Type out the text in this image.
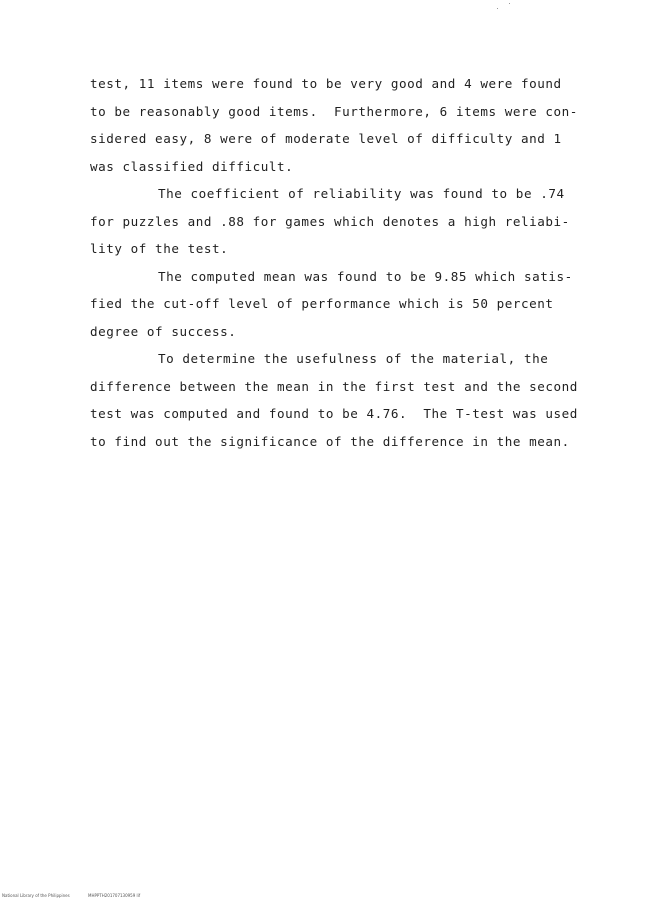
test, 11 items were found to be very good and 4 were found
to be reasonably good items.  Furthermore, 6 items were con-
sidered easy, 8 were of moderate level of difficulty and 1
was classified difficult.
The coefficient of reliability was found to be .74
for puzzles and .88 for games which denotes a high reliabi-
lity of the test.
The computed mean was found to be 9.85 which satis-
fied the cut-off level of performance which is 50 percent
degree of success.
To determine the usefulness of the material, the
difference between the mean in the first test and the second
test was computed and found to be 4.76.  The T-test was used
to find out the significance of the difference in the mean.
National Library of the Philippines	MHPPTH201707130959 lif
